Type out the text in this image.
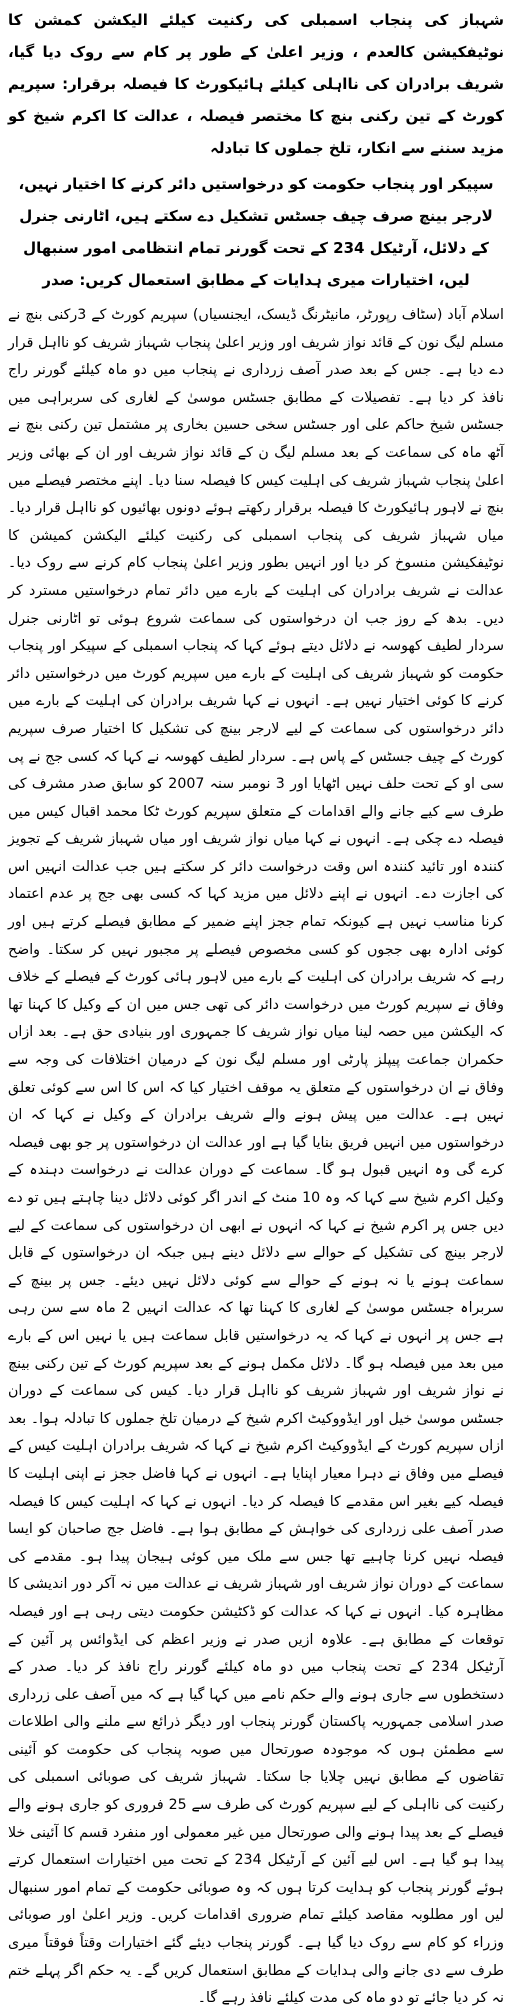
شہباز کی پنجاب اسمبلی کی رکنیت کیلئے الیکشن کمشن کا نوٹیفکیشن کالعدم ، وزیر اعلیٰ کے طور پر کام سے روک دیا گیا، شریف برادران کی نااہلی کیلئے ہائیکورٹ کا فیصلہ برقرار: سپریم کورٹ کے تین رکنی بنچ کا مختصر فیصلہ ، عدالت کا اکرم شیخ کو مزید سننے سے انکار، تلخ جملوں کا تبادلہ
سپیکر اور پنجاب حکومت کو درخواستیں دائر کرنے کا اختیار نہیں، لارجر بینچ صرف چیف جسٹس تشکیل دے سکتے ہیں، اٹارنی جنرل کے دلائل، آرٹیکل 234 کے تحت گورنر تمام انتظامی امور سنبھال لیں، اختیارات میری ہدایات کے مطابق استعمال کریں: صدر
اسلام آباد (سٹاف رپورٹر، مانیٹرنگ ڈیسک، ایجنسیاں) سپریم کورٹ کے 3رکنی بنچ نے مسلم لیگ نون کے قائد نواز شریف اور وزیر اعلیٰ پنجاب شہباز شریف کو نااہل قرار دے دیا ہے۔ جس کے بعد صدر آصف زرداری نے پنجاب میں دو ماہ کیلئے گورنر راج نافذ کر دیا ہے۔ تفصیلات کے مطابق جسٹس موسیٰ کے لغاری کی سربراہی میں جسٹس شیخ حاکم علی اور جسٹس سخی حسین بخاری پر مشتمل تین رکنی بنچ نے آٹھ ماہ کی سماعت کے بعد مسلم لیگ ن کے قائد نواز شریف اور ان کے بھائی وزیر اعلیٰ پنجاب شہباز شریف کی اہلیت کیس کا فیصلہ سنا دیا۔ اپنے مختصر فیصلے میں بنچ نے لاہور ہائیکورٹ کا فیصلہ برقرار رکھتے ہوئے دونوں بھائیوں کو نااہل قرار دیا۔ میاں شہباز شریف کی پنجاب اسمبلی کی رکنیت کیلئے الیکشن کمیشن کا نوٹیفکیشن منسوخ کر دیا اور انہیں بطور وزیر اعلیٰ پنجاب کام کرنے سے روک دیا۔ عدالت نے شریف برادران کی اہلیت کے بارے میں دائر تمام درخواستیں مسترد کر دیں۔ بدھ کے روز جب ان درخواستوں کی سماعت شروع ہوئی تو اٹارنی جنرل سردار لطیف کھوسہ نے دلائل دیتے ہوئے کہا کہ پنجاب اسمبلی کے سپیکر اور پنجاب حکومت کو شہباز شریف کی اہلیت کے بارے میں سپریم کورٹ میں درخواستیں دائر کرنے کا کوئی اختیار نہیں ہے۔ انہوں نے کہا شریف برادران کی اہلیت کے بارے میں دائر درخواستوں کی سماعت کے لیے لارجر بینچ کی تشکیل کا اختیار صرف سپریم کورٹ کے چیف جسٹس کے پاس ہے۔ سردار لطیف کھوسہ نے کہا کہ کسی جج نے پی سی او کے تحت حلف نہیں اٹھایا اور 3 نومبر سنہ 2007 کو سابق صدر مشرف کی طرف سے کیے جانے والے اقدامات کے متعلق سپریم کورٹ ٹکا محمد اقبال کیس میں فیصلہ دے چکی ہے۔ انہوں نے کہا میاں نواز شریف اور میاں شہباز شریف کے تجویز کنندہ اور تائید کنندہ اس وقت درخواست دائر کر سکتے ہیں جب عدالت انہیں اس کی اجازت دے۔ انہوں نے اپنے دلائل میں مزید کہا کہ کسی بھی جج پر عدم اعتماد کرنا مناسب نہیں ہے کیونکہ تمام ججز اپنے ضمیر کے مطابق فیصلے کرتے ہیں اور کوئی ادارہ بھی ججوں کو کسی مخصوص فیصلے پر مجبور نہیں کر سکتا۔ واضح رہے کہ شریف برادران کی اہلیت کے بارے میں لاہور ہائی کورٹ کے فیصلے کے خلاف وفاق نے سپریم کورٹ میں درخواست دائر کی تھی جس میں ان کے وکیل کا کہنا تھا کہ الیکشن میں حصہ لینا میاں نواز شریف کا جمہوری اور بنیادی حق ہے۔ بعد ازاں حکمران جماعت پیپلز پارٹی اور مسلم لیگ نون کے درمیان اختلافات کی وجہ سے وفاق نے ان درخواستوں کے متعلق یہ موقف اختیار کیا کہ اس کا اس سے کوئی تعلق نہیں ہے۔ عدالت میں پیش ہونے والے شریف برادران کے وکیل نے کہا کہ ان درخواستوں میں انہیں فریق بنایا گیا ہے اور عدالت ان درخواستوں پر جو بھی فیصلہ کرے گی وہ انہیں قبول ہو گا۔ سماعت کے دوران عدالت نے درخواست دہندہ کے وکیل اکرم شیخ سے کہا کہ وہ 10 منٹ کے اندر اگر کوئی دلائل دینا چاہتے ہیں تو دے دیں جس پر اکرم شیخ نے کہا کہ انہوں نے ابھی ان درخواستوں کی سماعت کے لیے لارجر بینچ کی تشکیل کے حوالے سے دلائل دینے ہیں جبکہ ان درخواستوں کے قابل سماعت ہونے یا نہ ہونے کے حوالے سے کوئی دلائل نہیں دیئے۔ جس پر بینچ کے سربراہ جسٹس موسیٰ کے لغاری کا کہنا تھا کہ عدالت انہیں 2 ماہ سے سن رہی ہے جس پر انہوں نے کہا کہ یہ درخواستیں قابل سماعت ہیں یا نہیں اس کے بارے میں بعد میں فیصلہ ہو گا۔ دلائل مکمل ہونے کے بعد سپریم کورٹ کے تین رکنی بینچ نے نواز شریف اور شہباز شریف کو نااہل قرار دیا۔ کیس کی سماعت کے دوران جسٹس موسیٰ خیل اور ایڈووکیٹ اکرم شیخ کے درمیان تلخ جملوں کا تبادلہ ہوا۔ بعد ازاں سپریم کورٹ کے ایڈووکیٹ اکرم شیخ نے کہا کہ شریف برادران اہلیت کیس کے فیصلے میں وفاق نے دہرا معیار اپنایا ہے۔ انہوں نے کہا فاضل ججز نے اپنی اہلیت کا فیصلہ کیے بغیر اس مقدمے کا فیصلہ کر دیا۔ انہوں نے کہا کہ اہلیت کیس کا فیصلہ صدر آصف علی زرداری کی خواہش کے مطابق ہوا ہے۔ فاضل جج صاحبان کو ایسا فیصلہ نہیں کرنا چاہیے تھا جس سے ملک میں کوئی ہیجان پیدا ہو۔ مقدمے کی سماعت کے دوران نواز شریف اور شہباز شریف نے عدالت میں نہ آکر دور اندیشی کا مظاہرہ کیا۔ انہوں نے کہا کہ عدالت کو ڈکٹیشن حکومت دیتی رہی ہے اور فیصلہ توقعات کے مطابق ہے۔ علاوہ ازیں صدر نے وزیر اعظم کی ایڈوائس پر آئین کے آرٹیکل 234 کے تحت پنجاب میں دو ماہ کیلئے گورنر راج نافذ کر دیا۔ صدر کے دستخطوں سے جاری ہونے والے حکم نامے میں کہا گیا ہے کہ میں آصف علی زرداری صدر اسلامی جمہوریہ پاکستان گورنر پنجاب اور دیگر ذرائع سے ملنے والی اطلاعات سے مطمئن ہوں کہ موجودہ صورتحال میں صوبہ پنجاب کی حکومت کو آئینی تقاضوں کے مطابق نہیں چلایا جا سکتا۔ شہباز شریف کی صوبائی اسمبلی کی رکنیت کی نااہلی کے لیے سپریم کورٹ کی طرف سے 25 فروری کو جاری ہونے والے فیصلے کے بعد پیدا ہونے والی صورتحال میں غیر معمولی اور منفرد قسم کا آئینی خلا پیدا ہو گیا ہے۔ اس لیے آئین کے آرٹیکل 234 کے تحت میں اختیارات استعمال کرتے ہوئے گورنر پنجاب کو ہدایت کرتا ہوں کہ وہ صوبائی حکومت کے تمام امور سنبھال لیں اور مطلوبہ مقاصد کیلئے تمام ضروری اقدامات کریں۔ وزیر اعلیٰ اور صوبائی وزراء کو کام سے روک دیا گیا ہے۔ گورنر پنجاب دیئے گئے اختیارات وقتاً فوقتاً میری طرف سے دی جانے والی ہدایات کے مطابق استعمال کریں گے۔ یہ حکم اگر پہلے ختم نہ کر دیا جائے تو دو ماہ کی مدت کیلئے نافذ رہے گا۔
